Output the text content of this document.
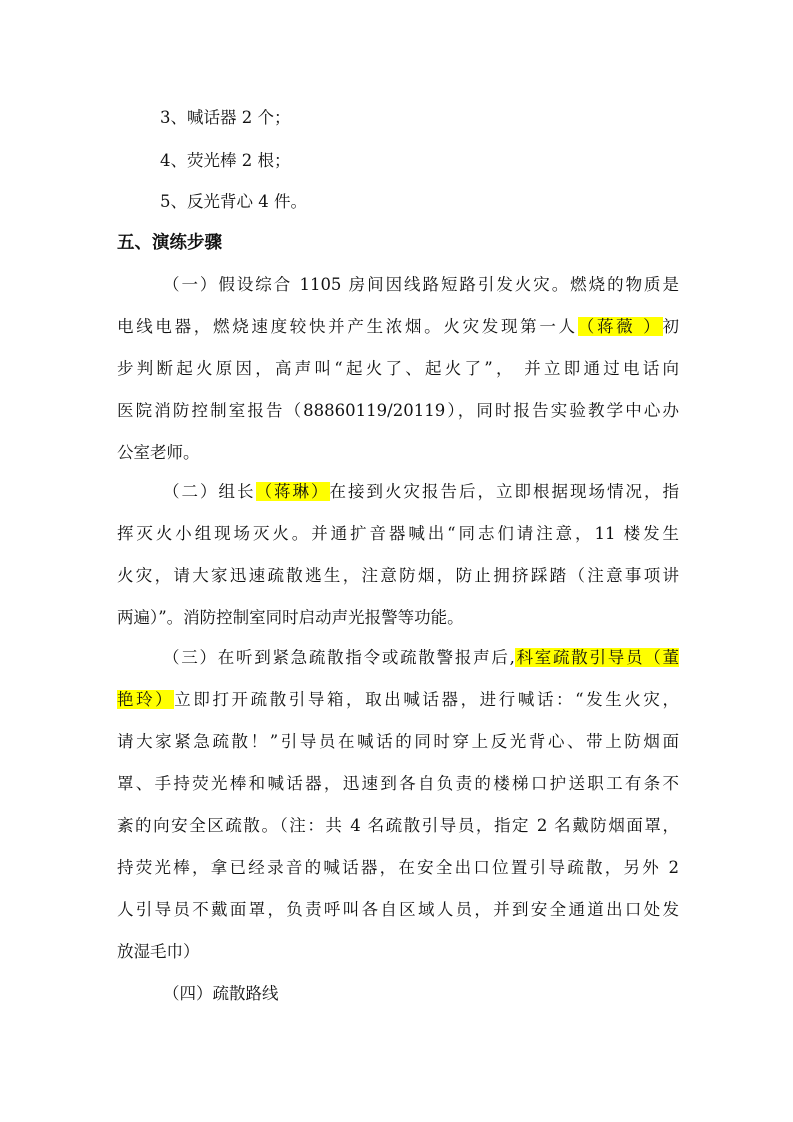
3、喊话器 2 个；
4、荧光棒 2 根；
5、反光背心 4 件。
五、演练步骤
（一）假设综合 1105 房间因线路短路引发火灾。燃烧的物质是
电线电器，燃烧速度较快并产生浓烟。火灾发现第一人（蒋薇 ）初
步判断起火原因，高声叫“起火了、起火了”， 并立即通过电话向
医院消防控制室报告（88860119/20119），同时报告实验教学中心办
公室老师。
（二）组长（蒋琳）在接到火灾报告后，立即根据现场情况，指
挥灭火小组现场灭火。并通扩音器喊出“同志们请注意，11 楼发生
火灾，请大家迅速疏散逃生，注意防烟，防止拥挤踩踏（注意事项讲
两遍）”。消防控制室同时启动声光报警等功能。
（三）在听到紧急疏散指令或疏散警报声后,科室疏散引导员（董
艳玲）立即打开疏散引导箱，取出喊话器，进行喊话：“发生火灾，
请大家紧急疏散！”引导员在喊话的同时穿上反光背心、带上防烟面
罩、手持荧光棒和喊话器，迅速到各自负责的楼梯口护送职工有条不
紊的向安全区疏散。（注：共 4 名疏散引导员，指定 2 名戴防烟面罩，
持荧光棒，拿已经录音的喊话器，在安全出口位置引导疏散，另外 2
人引导员不戴面罩，负责呼叫各自区域人员，并到安全通道出口处发
放湿毛巾）
（四）疏散路线
